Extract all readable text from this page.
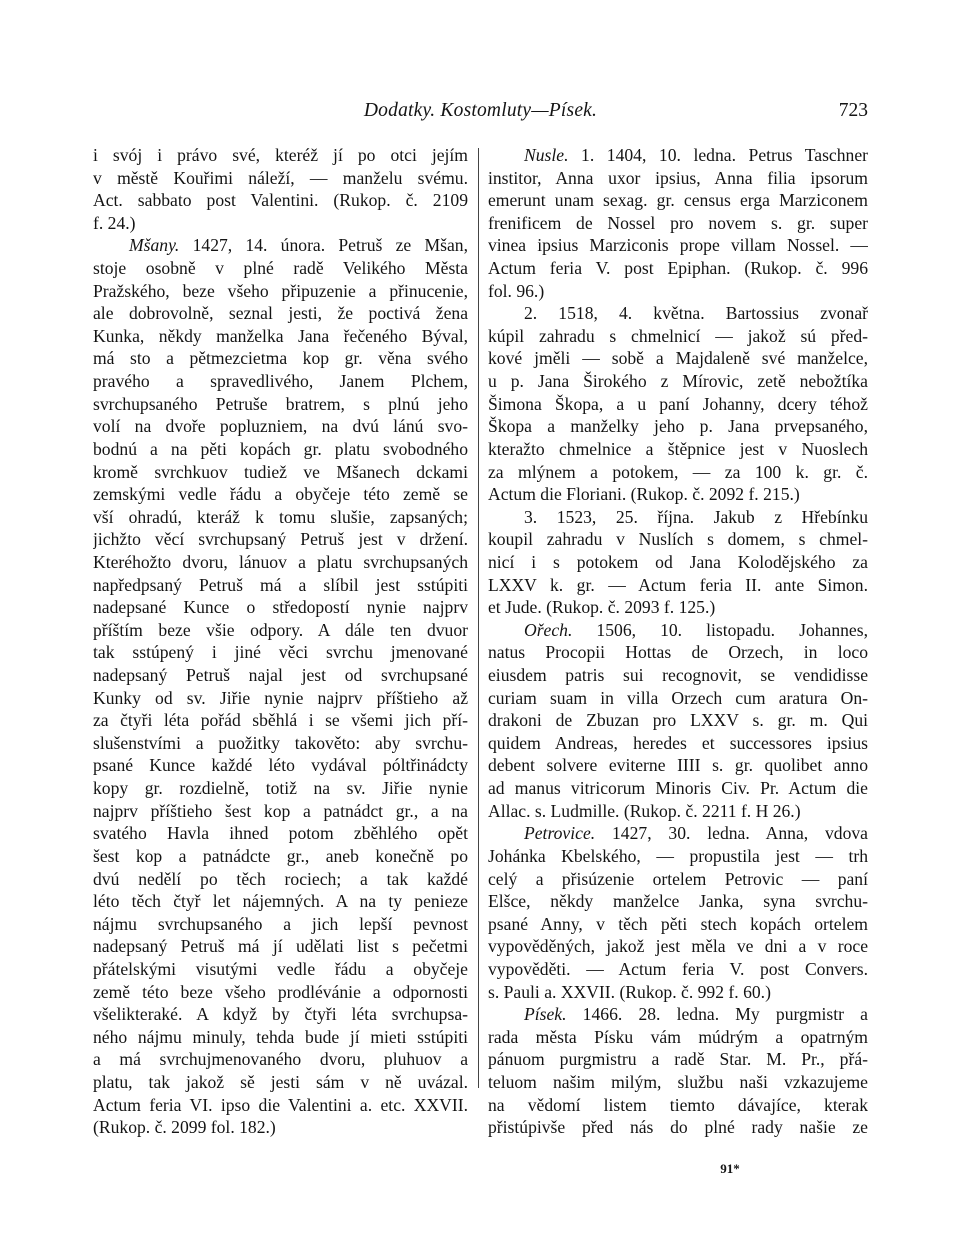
Dodatky. Kostomluty—Písek.	723
i svój i právo své, kteréž jí po otci jejím
v městě Kouřimi náleží, — manželu svému.
Act. sabbato post Valentini. (Rukop. č. 2109
f. 24.)
Mšany. 1427, 14. února. Petruš ze Mšan,
stoje osobně v plné radě Velikého Města
Pražského, beze všeho připuzenie a přinucenie,
ale dobrovolně, seznal jesti, že poctivá žena
Kunka, někdy manželka Jana řečeného Býval,
má sto a pětmezcietma kop gr. věna svého
pravého a spravedlivého, Janem Plchem,
svrchupsaného Petruše bratrem, s plnú jeho
volí na dvoře popluzniem, na dvú lánú svo-
bodnú a na pěti kopách gr. platu svobodného
kromě svrchkuov tudiež ve Mšanech dckami
zemskými vedle řádu a obyčeje této země se
vší ohradú, kteráž k tomu slušie, zapsaných;
jichžto věcí svrchupsaný Petruš jest v držení.
Kteréhožto dvoru, lánuov a platu svrchupsaných
napředpsaný Petruš má a slíbil jest sstúpiti
nadepsané Kunce o středopostí nynie najprv
příštím beze všie odpory. A dále ten dvuor
tak sstúpený i jiné věci svrchu jmenované
nadepsaný Petruš najal jest od svrchupsané
Kunky od sv. Jiřie nynie najprv příštieho až
za čtyři léta pořád sběhlá i se všemi jich pří-
slušenstvími a puožitky takovětо: aby svrchu-
psané Kunce každé léto vydával póltřinádcty
kopy gr. rozdielně, totiž na sv. Jiřie nynie
najprv příštieho šest kop a patnádct gr., a na
svatého Havla ihned potom zběhlého opět
šest kop a patnádcte gr., aneb konečně po
dvú nedělí po těch rociech; a tak každé
léto těch čtyř let nájemných. A na ty penieze
nájmu svrchupsaného a jich lepší pevnost
nadepsaný Petruš má jí udělati list s pečetmi
přátelskými visutými vedle řádu a obyčeje
země této beze všeho prodlévánie a odpornosti
všelikteraké. A když by čtyři léta svrchupsa-
ného nájmu minuly, tehda bude jí mieti sstúpiti
a má svrchujmenovaného dvoru, pluhuov a
platu, tak jakož sě jesti sám v ně uvázal.
Actum feria VI. ipso die Valentini a. etc. XXVII.
(Rukop. č. 2099 fol. 182.)
Nusle. 1. 1404, 10. ledna. Petrus Taschner
institor, Anna uxor ipsius, Anna filia ipsorum
emerunt unam sexag. gr. census erga Marziconem
frenificem de Nossel pro novem s. gr. super
vinea ipsius Marziconis prope villam Nossel. —
Actum feria V. post Epiphan. (Rukop. č. 996
fol. 96.)
2. 1518, 4. května. Bartossius zvonař
kúpil zahradu s chmelnicí — jakož sú před-
kové jměli — sobě a Majdaleně své manželce,
u p. Jana Širokého z Mírovic, zetě nebožtíka
Šimona Škopa, a u paní Johanny, dcery téhož
Škopa a manželky jeho p. Jana prvepsaného,
kteražto chmelnice a štěpnice jest v Nuoslech
za mlýnem a potokem, — za 100 k. gr. č.
Actum die Floriani. (Rukop. č. 2092 f. 215.)
3. 1523, 25. října. Jakub z Hřebínku
koupil zahradu v Nuslích s domem, s chmel-
nicí i s potokem od Jana Kolodějského za
LXXV k. gr. — Actum feria II. ante Simon.
et Jude. (Rukop. č. 2093 f. 125.)
Ořech. 1506, 10. listopadu. Johannes,
natus Procopii Hottas de Orzech, in loco
eiusdem patris sui recognovit, se vendidisse
curiam suam in villa Orzech cum aratura On-
drakoni de Zbuzan pro LXXV s. gr. m. Qui
quidem Andreas, heredes et successores ipsius
debent solvere eviterne IIII s. gr. quolibet anno
ad manus vitricorum Minoris Civ. Pr. Actum die
Allac. s. Ludmille. (Rukop. č. 2211 f. H 26.)
Petrovice. 1427, 30. ledna. Anna, vdova
Johánka Kbelského, — propustila jest — trh
celý a přisúzenie ortelem Petrovic — paní
Elšce, někdy manželce Janka, syna svrchu-
psané Anny, v těch pěti stech kopách ortelem
vypověděných, jakož jest měla ve dni a v roce
vypověděti. — Actum feria V. post Convers.
s. Pauli a. XXVII. (Rukop. č. 992 f. 60.)
Písek. 1466. 28. ledna. My purgmistr a
rada města Písku vám múdrým a opatrným
pánuom purgmistru a radě Star. M. Pr., přá-
teluom našim milým, službu naši vzkazujeme
na vědomí listem tiemto dávajíce, kterak
přistúpivše před nás do plné rady našie ze
91*
